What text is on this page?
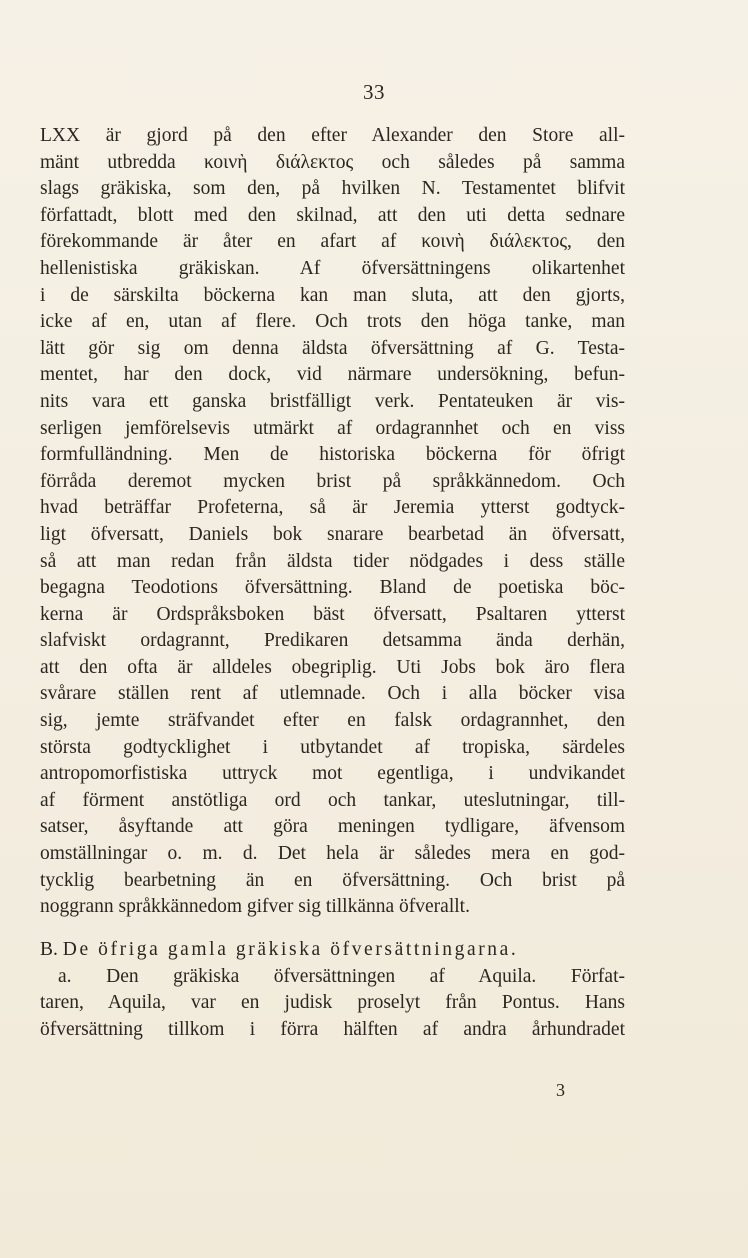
33
LXX är gjord på den efter Alexander den Store all-
mänt utbredda κοινὴ διάλεκτος och således på samma
slags gräkiska, som den, på hvilken N. Testamentet blifvit
författadt, blott med den skilnad, att den uti detta sednare
förekommande är åter en afart af κοινὴ διάλεκτος, den
hellenistiska gräkiskan. Af öfversättningens olikartenhet
i de särskilta böckerna kan man sluta, att den gjorts,
icke af en, utan af flere. Och trots den höga tanke, man
lätt gör sig om denna äldsta öfversättning af G. Testa-
mentet, har den dock, vid närmare undersökning, befun-
nits vara ett ganska bristfälligt verk. Pentateuken är vis-
serligen jemförelsevis utmärkt af ordagrannhet och en viss
formfulländning. Men de historiska böckerna för öfrigt
förråda deremot mycken brist på språkkännedom. Och
hvad beträffar Profeterna, så är Jeremia ytterst godtyck-
ligt öfversatt, Daniels bok snarare bearbetad än öfversatt,
så att man redan från äldsta tider nödgades i dess ställe
begagna Teodotions öfversättning. Bland de poetiska böc-
kerna är Ordspråksboken bäst öfversatt, Psaltaren ytterst
slafviskt ordagrannt, Predikaren detsamma ända derhän,
att den ofta är alldeles obegriplig. Uti Jobs bok äro flera
svårare ställen rent af utlemnade. Och i alla böcker visa
sig, jemte sträfvandet efter en falsk ordagrannhet, den
största godtycklighet i utbytandet af tropiska, särdeles
antropomorfistiska uttryck mot egentliga, i undvikandet
af förment anstötliga ord och tankar, uteslutningar, till-
satser, åsyftande att göra meningen tydligare, äfvensom
omställningar o. m. d. Det hela är således mera en god-
tycklig bearbetning än en öfversättning. Och brist på
noggrann språkkännedom gifver sig tillkänna öfverallt.
B. De öfriga gamla gräkiska öfversättningarna.
a. Den gräkiska öfversättningen af Aquila. Förfat-
taren, Aquila, var en judisk proselyt från Pontus. Hans
öfversättning tillkom i förra hälften af andra århundradet
3
